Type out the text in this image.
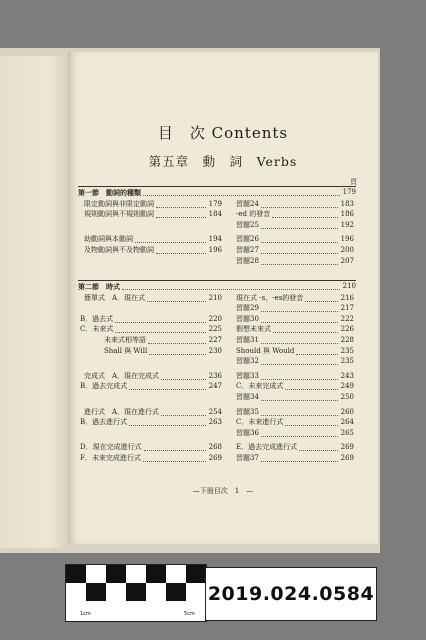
目　次 Contents
第五章　動　詞　Verbs
頁
—下冊目次　1　—
第一節　動詞的種類	179
限定動詞與非限定動詞	179 習題24	183
規則動詞與不規則動詞	184 -ed 的發音	186
習題25	192
助動詞與本動詞	194 習題26	196
及物動詞與不及物動詞	196 習題27	200
習題28	207
第二節　時式	210
簡單式　A．現在式	210 現在式 -s，-es的發音	216
習題29	217
B．過去式	220 習題30	222
C．未來式	225 假想未來式	226
未來式相等語	227 習題31	228
Shall 與 Will	230 Should 與 Would	235
習題32	235
完成式　A．現在完成式	236 習題33	243
B．過去完成式	247 C．未來完成式	249
習題34	250
進行式　A．現在進行式	254 習題35	260
B．過去進行式	263 C．未來進行式	264
習題36	265
D．現在完成進行式	268 E．過去完成進行式	269
F．未來完成進行式	269 習題37	269
1cm	5cm
cm
2019.024.0584
